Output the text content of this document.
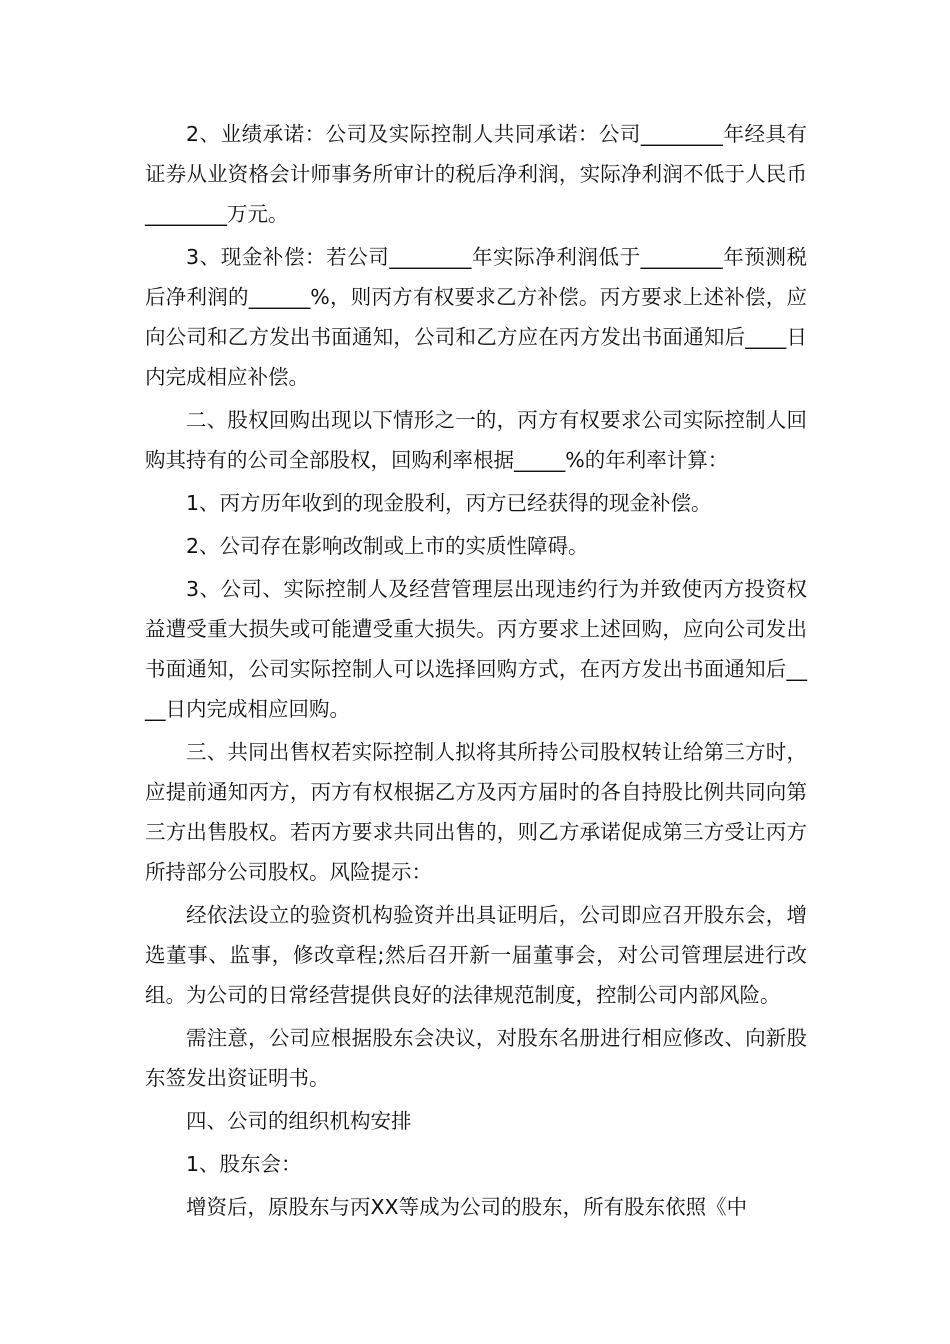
2、业绩承诺：公司及实际控制人共同承诺：公司________年经具有证券从业资格会计师事务所审计的税后净利润，实际净利润不低于人民币________万元。

3、现金补偿：若公司________年实际净利润低于________年预测税后净利润的______%，则丙方有权要求乙方补偿。丙方要求上述补偿，应向公司和乙方发出书面通知，公司和乙方应在丙方发出书面通知后____日内完成相应补偿。

二、股权回购出现以下情形之一的，丙方有权要求公司实际控制人回购其持有的公司全部股权，回购利率根据_____%的年利率计算：

1、丙方历年收到的现金股利，丙方已经获得的现金补偿。

2、公司存在影响改制或上市的实质性障碍。

3、公司、实际控制人及经营管理层出现违约行为并致使丙方投资权益遭受重大损失或可能遭受重大损失。丙方要求上述回购，应向公司发出书面通知，公司实际控制人可以选择回购方式，在丙方发出书面通知后____日内完成相应回购。

三、共同出售权若实际控制人拟将其所持公司股权转让给第三方时，应提前通知丙方，丙方有权根据乙方及丙方届时的各自持股比例共同向第三方出售股权。若丙方要求共同出售的，则乙方承诺促成第三方受让丙方所持部分公司股权。风险提示：

经依法设立的验资机构验资并出具证明后，公司即应召开股东会，增选董事、监事，修改章程;然后召开新一届董事会，对公司管理层进行改组。为公司的日常经营提供良好的法律规范制度，控制公司内部风险。

需注意，公司应根据股东会决议，对股东名册进行相应修改、向新股东签发出资证明书。

四、公司的组织机构安排

1、股东会：

增资后，原股东与丙XX等成为公司的股东，所有股东依照《中
